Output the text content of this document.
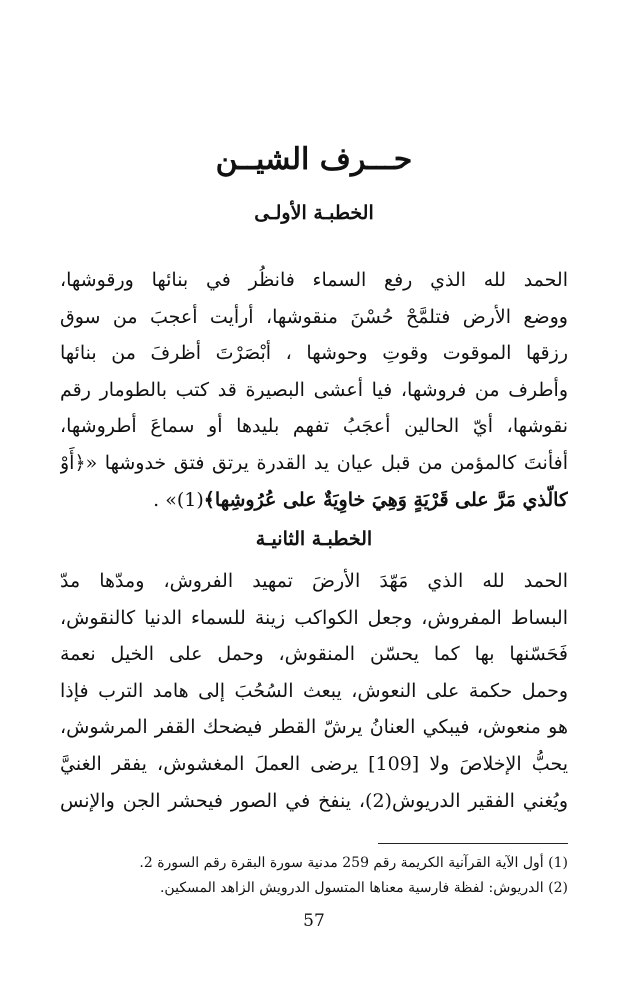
حـــرف الشيــن
الخطبـة الأولـى
الحمد لله الذي رفع السماء فانظُر في بنائها ورقوشها،
ووضع الأرض فتلمَّحْ حُسْنَ منقوشها، أرأيت أعجبَ من سوق
رزقها الموقوت وقوتِ وحوشها ، أبْصَرْتَ أظرفَ من بنائها
وأطرف من فروشها، فيا أعشى البصيرة قد كتب بالطومار رقم
نقوشها، أيّ الحالين أعجَبُ تفهم بليدها أو سماعَ أطروشها،
أفأنتَ كالمؤمن من قبل عيان يد القدرة يرتق فتق خدوشها «﴿أَوْ
كالّذي مَرَّ على قَرْيَةٍ وَهِيَ خاوِيَةٌ على عُرُوشِها﴾(1)» .
الخطبـة الثانيـة
الحمد لله الذي مَهّدَ الأرضَ تمهيد الفروش، ومدّها مدّ
البساط المفروش، وجعل الكواكب زينة للسماء الدنيا كالنقوش،
فَحَسّنها بها كما يحسّن المنقوش، وحمل على الخيل نعمة
وحمل حكمة على النعوش، يبعث السُحُبَ إلى هامد الترب فإذا
هو منعوش، فيبكي العنانُ يرشّ القطر فيضحك القفر المرشوش،
يحبُّ الإخلاصَ ولا [109] يرضى العملَ المغشوش، يفقر الغنيَّ
ويُغني الفقير الدريوش(2)، ينفخ في الصور فيحشر الجن والإنس
(1) أول الآية القرآنية الكريمة رقم 259 مدنية سورة البقرة رقم السورة 2.
(2) الدريوش: لفظة فارسية معناها المتسول الدرويش الزاهد المسكين.
57
